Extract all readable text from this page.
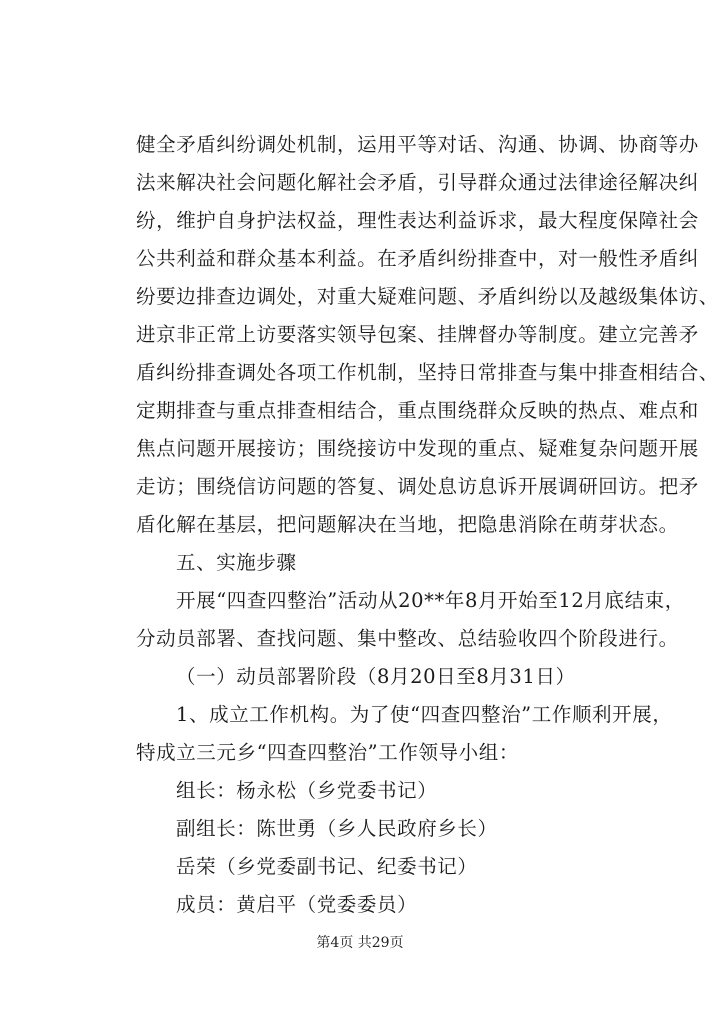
健全矛盾纠纷调处机制，运用平等对话、沟通、协调、协商等办
法来解决社会问题化解社会矛盾，引导群众通过法律途径解决纠
纷，维护自身护法权益，理性表达利益诉求，最大程度保障社会
公共利益和群众基本利益。在矛盾纠纷排查中，对一般性矛盾纠
纷要边排查边调处，对重大疑难问题、矛盾纠纷以及越级集体访、
进京非正常上访要落实领导包案、挂牌督办等制度。建立完善矛
盾纠纷排查调处各项工作机制，坚持日常排查与集中排查相结合、
定期排查与重点排查相结合，重点围绕群众反映的热点、难点和
焦点问题开展接访；围绕接访中发现的重点、疑难复杂问题开展
走访；围绕信访问题的答复、调处息访息诉开展调研回访。把矛
盾化解在基层，把问题解决在当地，把隐患消除在萌芽状态。
五、实施步骤
开展“四查四整治”活动从20**年8月开始至12月底结束，
分动员部署、查找问题、集中整改、总结验收四个阶段进行。
（一）动员部署阶段（8月20日至8月31日）
1、成立工作机构。为了使“四查四整治”工作顺利开展，
特成立三元乡“四查四整治”工作领导小组：
组长：杨永松（乡党委书记）
副组长：陈世勇（乡人民政府乡长）
岳荣（乡党委副书记、纪委书记）
成员：黄启平（党委委员）
第4页 共29页
